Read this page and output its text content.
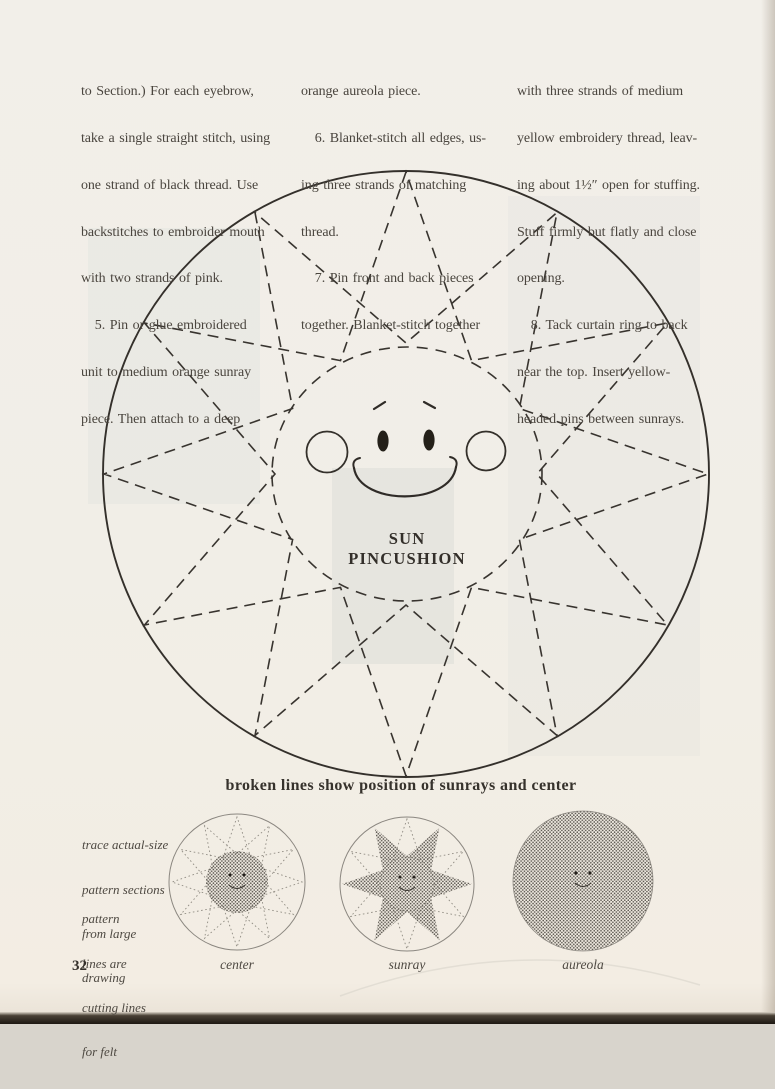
to Section.) For each eyebrow,

take a single straight stitch, using

one strand of black thread. Use

backstitches to embroider mouth

with two strands of pink.

5. Pin or glue embroidered

unit to medium orange sunray

piece. Then attach to a deep

orange aureola piece.

6. Blanket-stitch all edges, us-

ing three strands of matching

thread.

7. Pin front and back pieces

together. Blanket-stitch together

with three strands of medium

yellow embroidery thread, leav-

ing about 1½″ open for stuffing.

Stuff firmly but flatly and close

opening.

8. Tack curtain ring to back

near the top. Insert yellow-

headed pins between sunrays.

SUN
PINCUSHION
broken lines show position of sunrays and center

trace actual-size

pattern sections

from large

drawing

pattern

lines are

cutting lines

for felt

center	sunray	aureola
32
